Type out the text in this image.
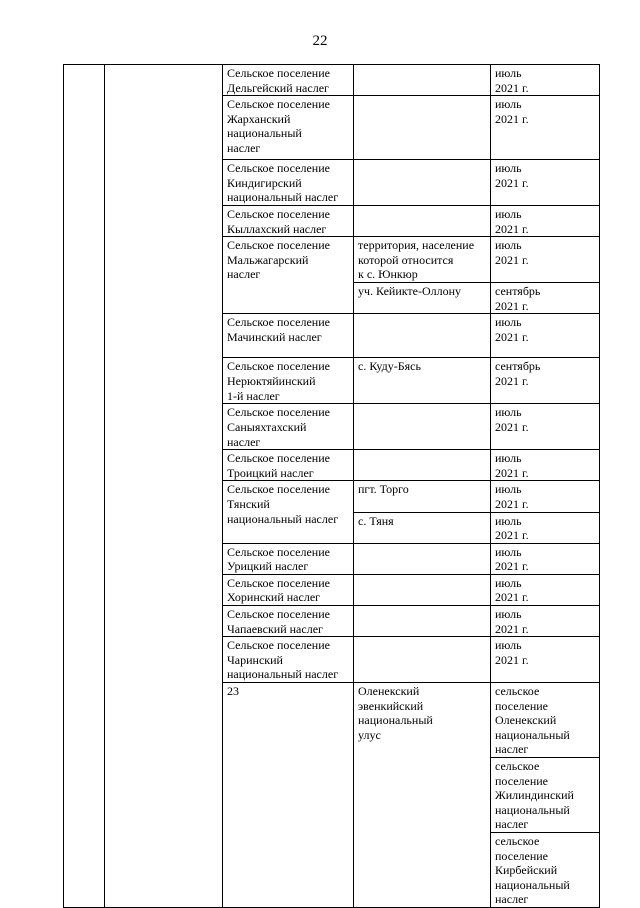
22
		Сельское поселение
Дельгейский наслег		июль
2021 г.	
		Сельское поселение
Жарханский
национальный
наслег		июль
2021 г.	
		Сельское поселение
Киндигирский
национальный наслег		июль
2021 г.	
		Сельское поселение
Кыллахский наслег		июль
2021 г.	
		Сельское поселение
Мальжагарский
наслег	территория, население
которой относится
к с. Юнкюр	июль
2021 г.	
			уч. Кейикте-Оллону	сентябрь
2021 г.	
		Сельское поселение
Мачинский наслег		июль
2021 г.	
		Сельское поселение
Нерюктяйинский
1-й наслег	с. Куду-Бясь	сентябрь
2021 г.	
		Сельское поселение
Саныяхтахский
наслег		июль
2021 г.	
		Сельское поселение
Троицкий наслег		июль
2021 г.	
		Сельское поселение
Тянский
национальный наслег	пгт. Торго	июль
2021 г.	
			с. Тяня	июль
2021 г.	
		Сельское поселение
Урицкий наслег		июль
2021 г.	
		Сельское поселение
Хоринский наслег		июль
2021 г.	
		Сельское поселение
Чапаевский наслег		июль
2021 г.	
		Сельское поселение
Чаринский
национальный наслег		июль
2021 г.	
		23	Оленекский
эвенкийский
национальный
улус	сельское поселение
Оленекский
национальный наслег		
				сельское поселение
Жилиндинский
национальный наслег		
				сельское поселение
Кирбейский
национальный наслег		
